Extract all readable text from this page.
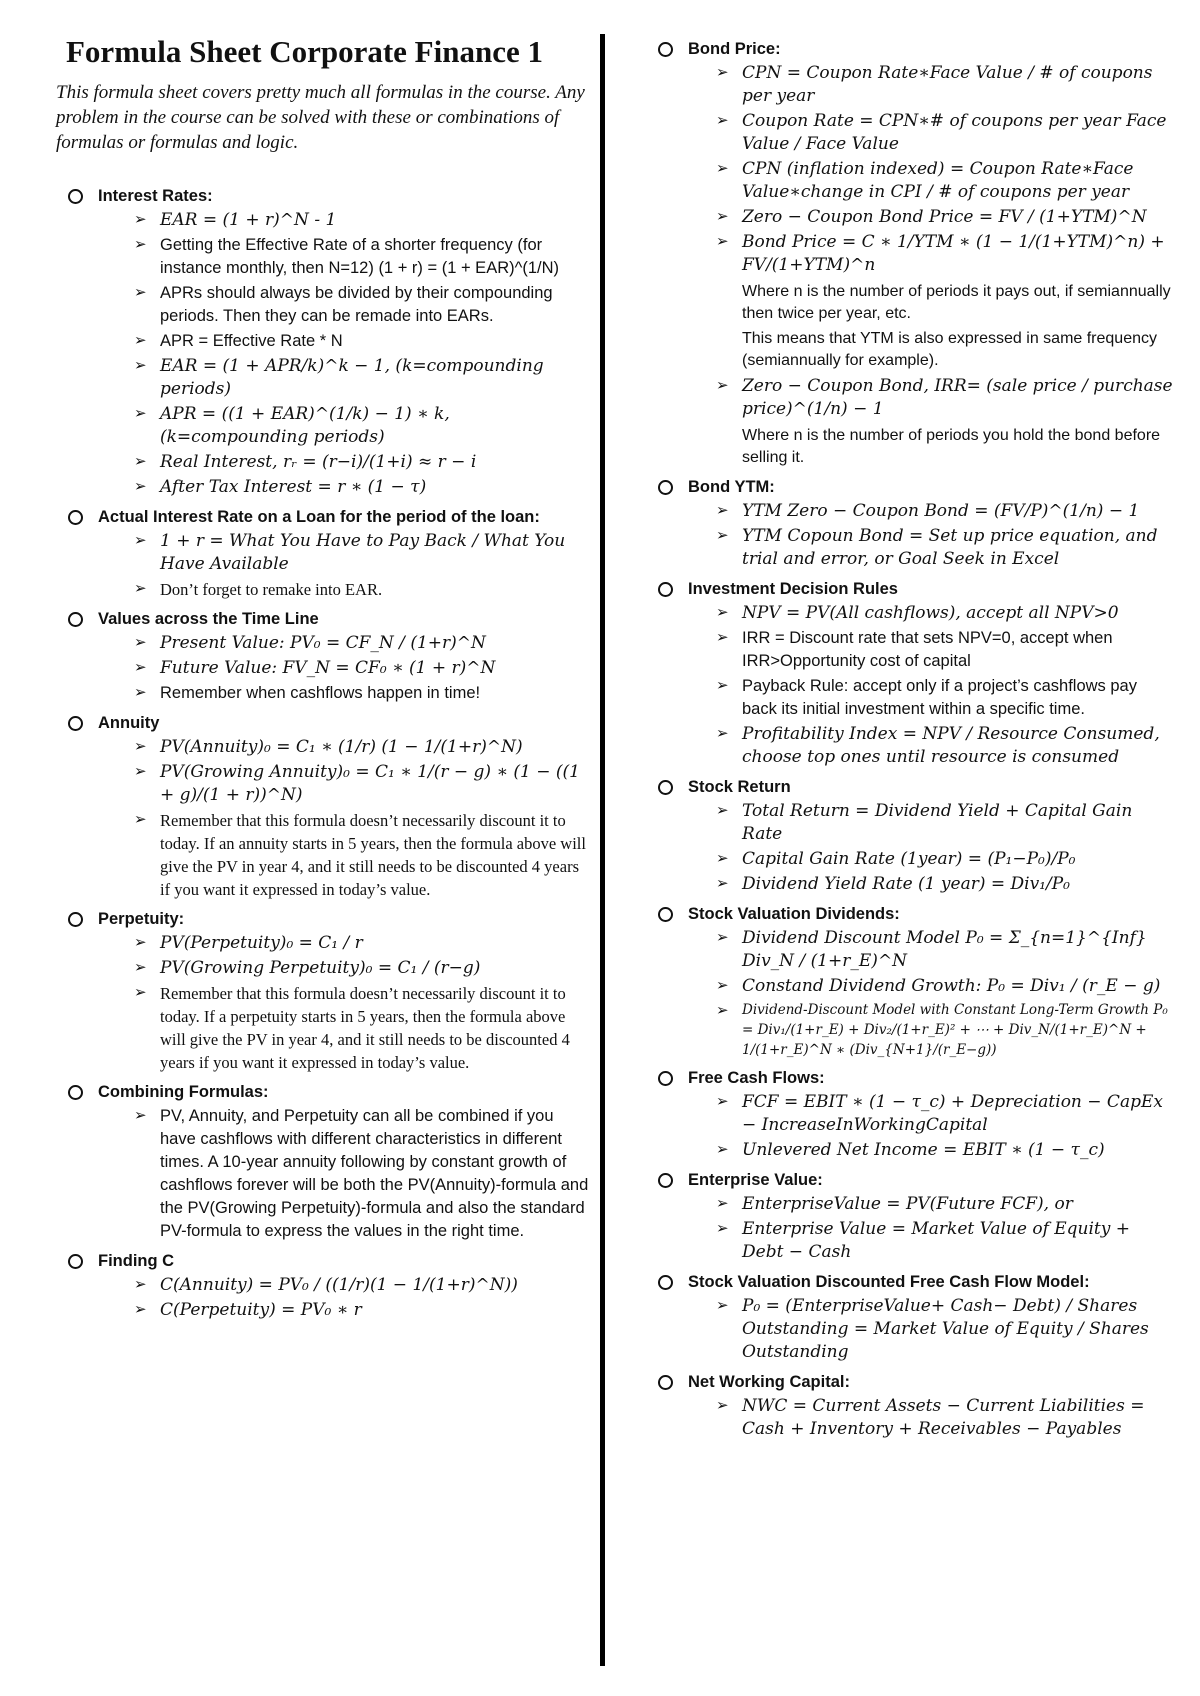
Formula Sheet Corporate Finance 1
This formula sheet covers pretty much all formulas in the course. Any problem in the course can be solved with these or combinations of formulas or formulas and logic.
Interest Rates:
➢ EAR = (1 + r)^N - 1
➢ Getting the Effective Rate of a shorter frequency (for instance monthly, then N=12) (1 + r) = (1 + EAR)^(1/N)
➢ APRs should always be divided by their compounding periods. Then they can be remade into EARs.
➢ APR = Effective Rate * N
➢ EAR = (1 + APR/k)^k − 1, (k=compounding periods)
➢ APR = ((1 + EAR)^(1/k) − 1) ∗ k, (k=compounding periods)
➢ Real Interest, rᵣ = (r−i)/(1+i) ≈ r − i
➢ After Tax Interest = r ∗ (1 − τ)
Actual Interest Rate on a Loan for the period of the loan:
➢ 1 + r = What You Have to Pay Back / What You Have Available
➢ Don’t forget to remake into EAR.
Values across the Time Line
➢ Present Value: PV₀ = CF_N / (1+r)^N
➢ Future Value: FV_N = CF₀ ∗ (1 + r)^N
➢ Remember when cashflows happen in time!
Annuity
➢ PV(Annuity)₀ = C₁ ∗ (1/r) (1 − 1/(1+r)^N)
➢ PV(Growing Annuity)₀ = C₁ ∗ 1/(r − g) ∗ (1 − ((1 + g)/(1 + r))^N)
➢ Remember that this formula doesn’t necessarily discount it to today. If an annuity starts in 5 years, then the formula above will give the PV in year 4, and it still needs to be discounted 4 years if you want it expressed in today’s value.
Perpetuity:
➢ PV(Perpetuity)₀ = C₁ / r
➢ PV(Growing Perpetuity)₀ = C₁ / (r−g)
➢ Remember that this formula doesn’t necessarily discount it to today. If a perpetuity starts in 5 years, then the formula above will give the PV in year 4, and it still needs to be discounted 4 years if you want it expressed in today’s value.
Combining Formulas:
➢ PV, Annuity, and Perpetuity can all be combined if you have cashflows with different characteristics in different times. A 10-year annuity following by constant growth of cashflows forever will be both the PV(Annuity)-formula and the PV(Growing Perpetuity)-formula and also the standard PV-formula to express the values in the right time.
Finding C
➢ C(Annuity) = PV₀ / ((1/r)(1 − 1/(1+r)^N))
➢ C(Perpetuity) = PV₀ ∗ r
Bond Price:
➢ CPN = Coupon Rate∗Face Value / # of coupons per year
➢ Coupon Rate = CPN∗# of coupons per year Face Value / Face Value
➢ CPN (inflation indexed) = Coupon Rate∗Face Value∗change in CPI / # of coupons per year
➢ Zero − Coupon Bond Price = FV / (1+YTM)^N
➢ Bond Price = C ∗ 1/YTM ∗ (1 − 1/(1+YTM)^n) + FV/(1+YTM)^n
Where n is the number of periods it pays out, if semiannually then twice per year, etc.
This means that YTM is also expressed in same frequency (semiannually for example).
➢ Zero − Coupon Bond, IRR= (sale price / purchase price)^(1/n) − 1
Where n is the number of periods you hold the bond before selling it.
Bond YTM:
➢ YTM Zero − Coupon Bond = (FV/P)^(1/n) − 1
➢ YTM Copoun Bond = Set up price equation, and trial and error, or Goal Seek in Excel
Investment Decision Rules
➢ NPV = PV(All cashflows), accept all NPV>0
➢ IRR = Discount rate that sets NPV=0, accept when IRR>Opportunity cost of capital
➢ Payback Rule: accept only if a project’s cashflows pay back its initial investment within a specific time.
➢ Profitability Index = NPV / Resource Consumed, choose top ones until resource is consumed
Stock Return
➢ Total Return = Dividend Yield + Capital Gain Rate
➢ Capital Gain Rate (1year) = (P₁−P₀)/P₀
➢ Dividend Yield Rate (1 year) = Div₁/P₀
Stock Valuation Dividends:
➢ Dividend Discount Model P₀ = Σ_{n=1}^{Inf} Div_N / (1+r_E)^N
➢ Constand Dividend Growth: P₀ = Div₁ / (r_E − g)
➢ Dividend-Discount Model with Constant Long-Term Growth P₀ = Div₁/(1+r_E) + Div₂/(1+r_E)² + ⋯ + Div_N/(1+r_E)^N + 1/(1+r_E)^N ∗ (Div_{N+1}/(r_E−g))
Free Cash Flows:
➢ FCF = EBIT ∗ (1 − τ_c) + Depreciation − CapEx − IncreaseInWorkingCapital
➢ Unlevered Net Income = EBIT ∗ (1 − τ_c)
Enterprise Value:
➢ EnterpriseValue = PV(Future FCF), or
➢ Enterprise Value = Market Value of Equity + Debt − Cash
Stock Valuation Discounted Free Cash Flow Model:
➢ P₀ = (EnterpriseValue+ Cash− Debt) / Shares Outstanding = Market Value of Equity / Shares Outstanding
Net Working Capital:
➢ NWC = Current Assets − Current Liabilities = Cash + Inventory + Receivables − Payables
